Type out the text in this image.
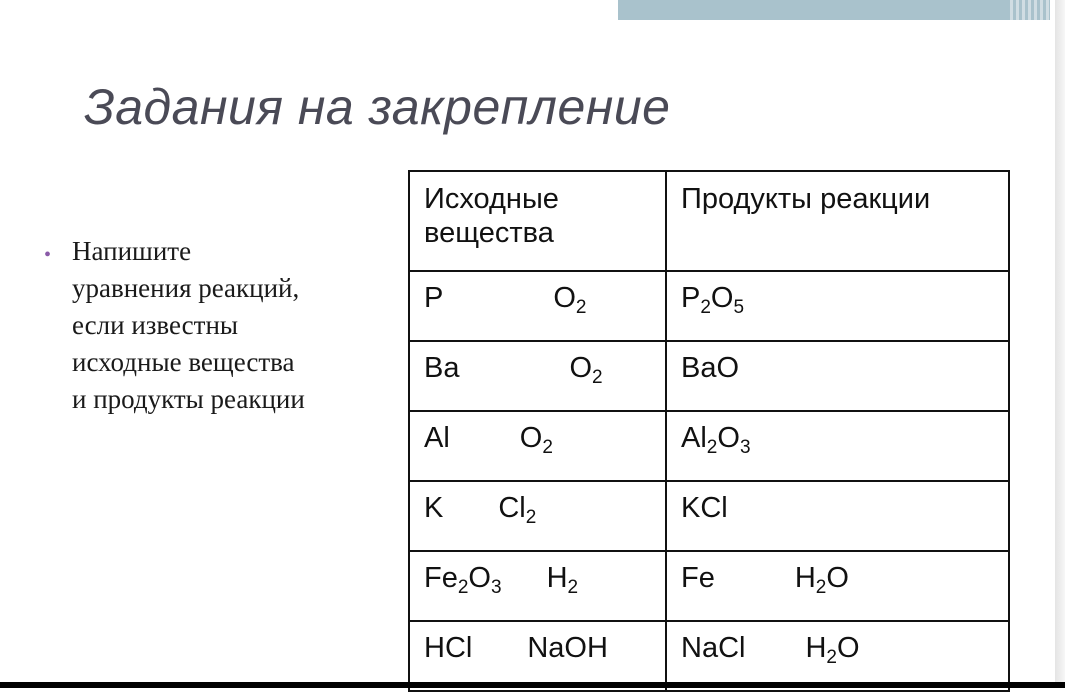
Задания на закрепление
• Напишите
уравнения реакций,
если известны
исходные вещества
и продукты реакции
Исходные вещества	Продукты реакции
P $O_2$	$P_2O_5$
Ba $O_2$	BaO
Al $O_2$	$Al_2O_3$
K $Cl_2$	KCl
$Fe_2O_3$ $H_2$	Fe $H_2O$
HCl NaOH	NaCl $H_2O$
